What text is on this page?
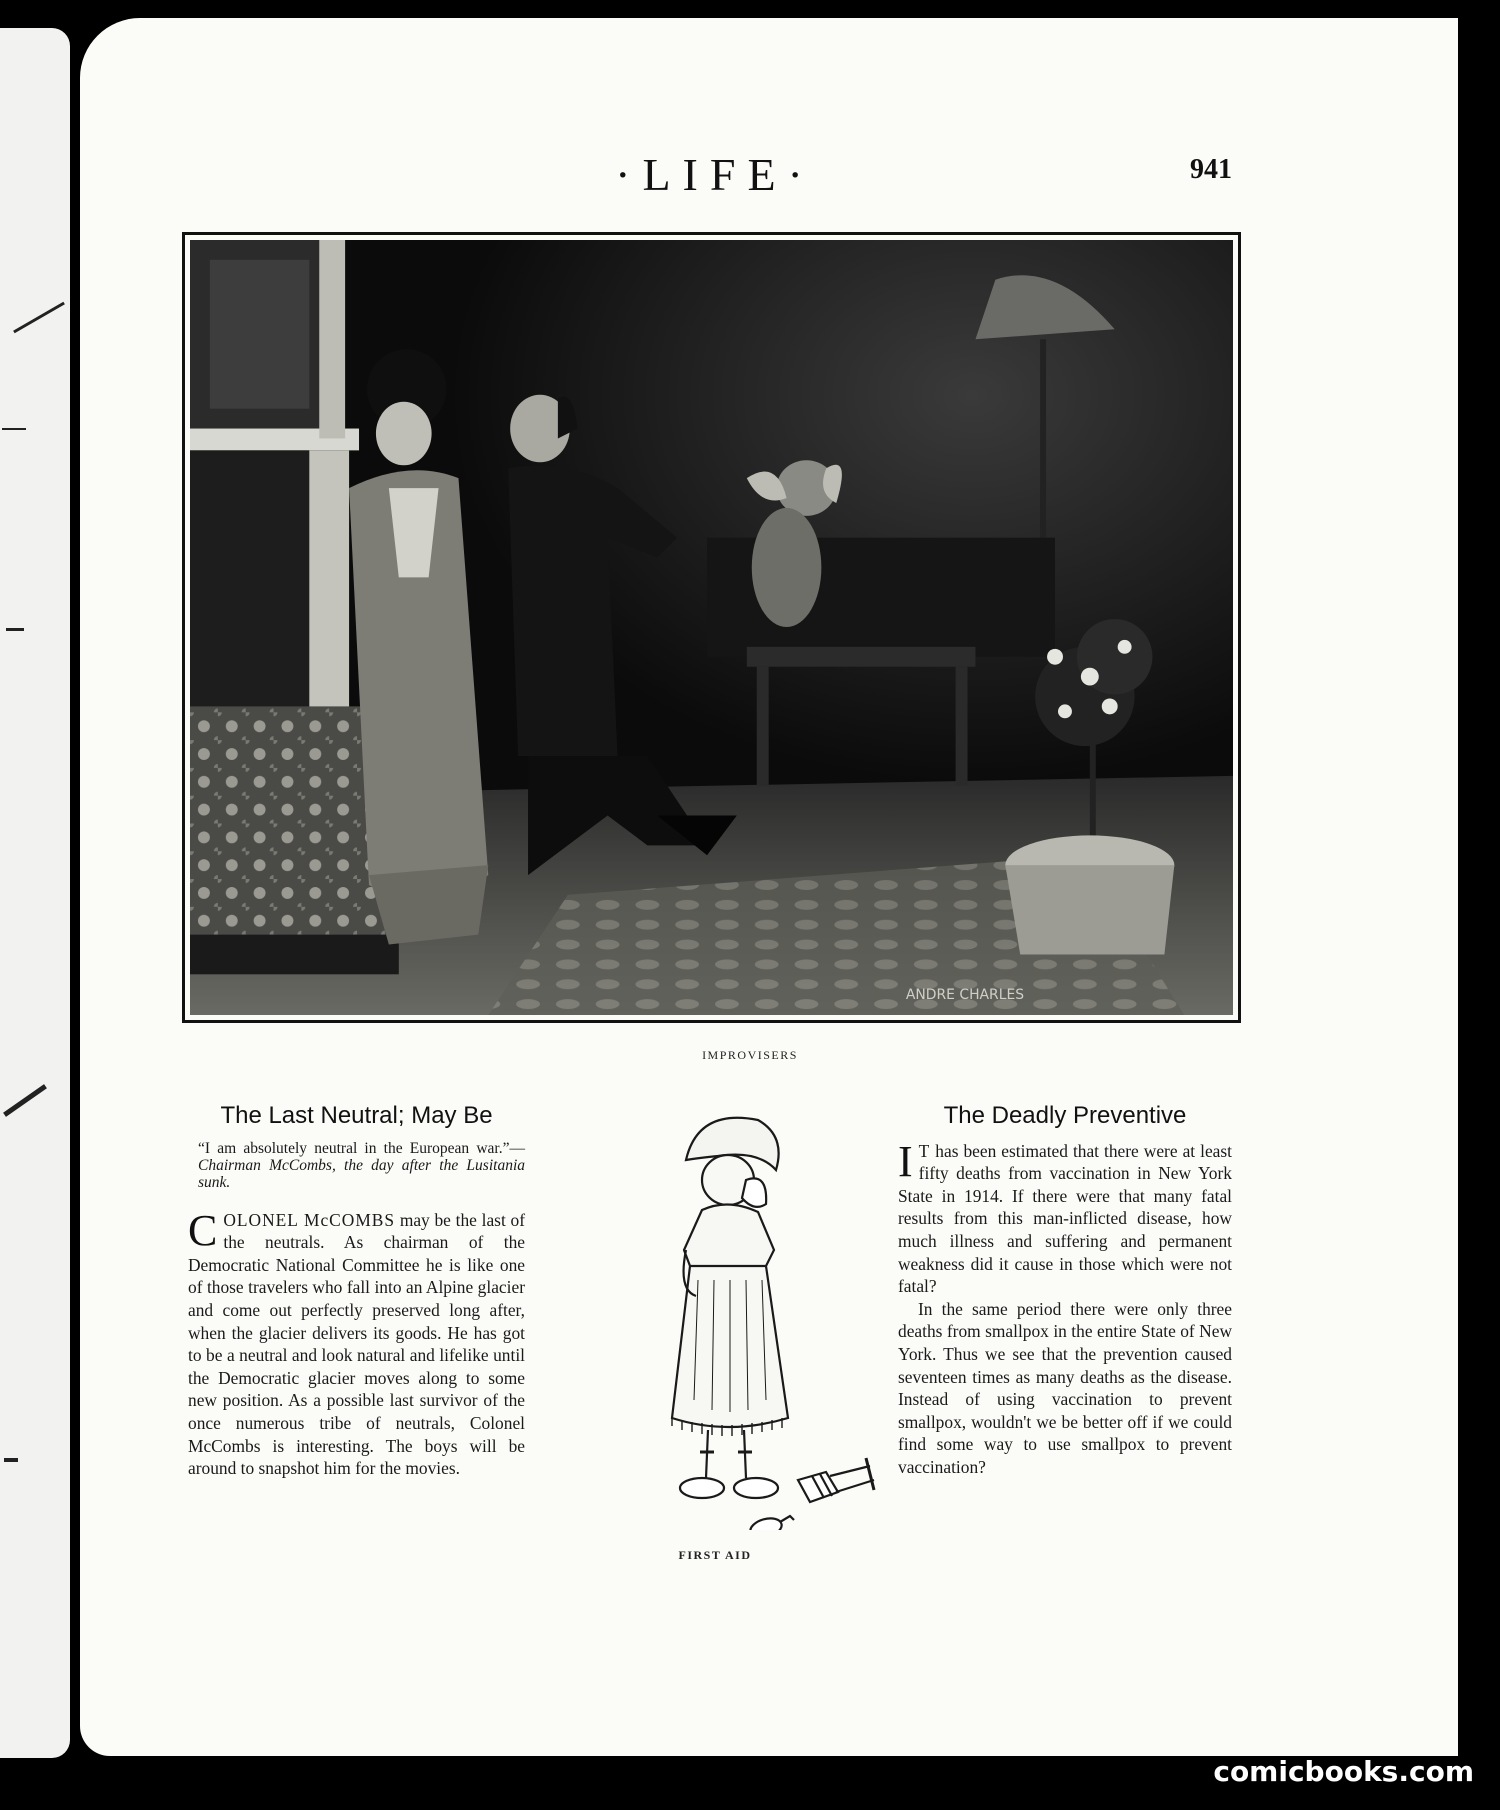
·LIFE·	941
ANDRE CHARLES
IMPROVISERS
The Last Neutral; May Be
“I am absolutely neutral in the European war.”—Chairman McCombs, the day after the Lusitania sunk.
COLONEL McCOMBS may be the last of the neutrals. As chairman of the Democratic National Committee he is like one of those travelers who fall into an Alpine glacier and come out perfectly preserved long after, when the glacier delivers its goods. He has got to be a neutral and look natural and lifelike until the Democratic glacier moves along to some new position. As a possible last survivor of the once numerous tribe of neutrals, Colonel McCombs is interesting. The boys will be around to snapshot him for the movies.
FIRST AID
The Deadly Preventive
I T has been estimated that there were at least fifty deaths from vaccination in New York State in 1914. If there were that many fatal results from this man-inflicted disease, how much illness and suffering and permanent weakness did it cause in those which were not fatal?
In the same period there were only three deaths from smallpox in the entire State of New York. Thus we see that the prevention caused seventeen times as many deaths as the disease. Instead of using vaccination to prevent smallpox, wouldn't we be better off if we could find some way to use smallpox to prevent vaccination?
comicbooks.com
